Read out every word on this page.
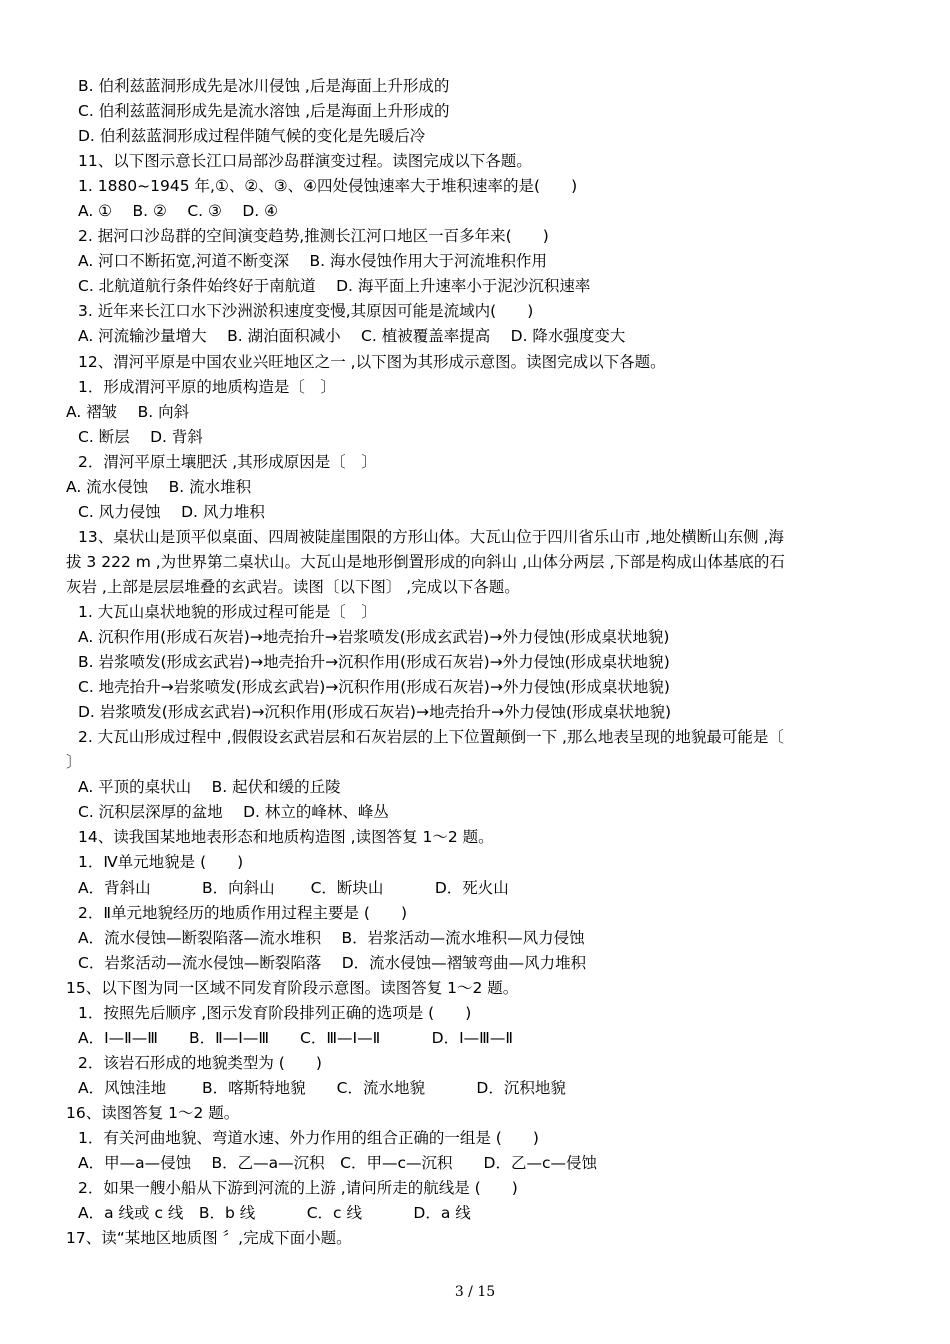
B. 伯利兹蓝洞形成先是冰川侵蚀 ,后是海面上升形成的
C. 伯利兹蓝洞形成先是流水溶蚀 ,后是海面上升形成的
D. 伯利兹蓝洞形成过程伴随气候的变化是先暖后冷
11、以下图示意长江口局部沙岛群演变过程。读图完成以下各题。
1. 1880~1945 年,①、②、③、④四处侵蚀速率大于堆积速率的是(　　)
A. ①　 B. ②　 C. ③　 D. ④
2. 据河口沙岛群的空间演变趋势,推测长江河口地区一百多年来(　　)
A. 河口不断拓宽,河道不断变深　 B. 海水侵蚀作用大于河流堆积作用
C. 北航道航行条件始终好于南航道　 D. 海平面上升速率小于泥沙沉积速率
3. 近年来长江口水下沙洲淤积速度变慢,其原因可能是流域内(　　)
A. 河流输沙量增大　 B. 湖泊面积减小　 C. 植被覆盖率提高　 D. 降水强度变大
12、渭河平原是中国农业兴旺地区之一 ,以下图为其形成示意图。读图完成以下各题。
1．形成渭河平原的地质构造是〔　〕
A. 褶皱　 B. 向斜
C. 断层　 D. 背斜
2．渭河平原土壤肥沃 ,其形成原因是〔　〕
A. 流水侵蚀　 B. 流水堆积
C. 风力侵蚀　 D. 风力堆积
13、桌状山是顶平似桌面、四周被陡崖围限的方形山体。大瓦山位于四川省乐山市 ,地处横断山东侧 ,海
拔 3 222 m ,为世界第二桌状山。大瓦山是地形倒置形成的向斜山 ,山体分两层 ,下部是构成山体基底的石
灰岩 ,上部是层层堆叠的玄武岩。读图〔以下图〕 ,完成以下各题。
1. 大瓦山桌状地貌的形成过程可能是〔　〕
A. 沉积作用(形成石灰岩)→地壳抬升→岩浆喷发(形成玄武岩)→外力侵蚀(形成桌状地貌)
B. 岩浆喷发(形成玄武岩)→地壳抬升→沉积作用(形成石灰岩)→外力侵蚀(形成桌状地貌)
C. 地壳抬升→岩浆喷发(形成玄武岩)→沉积作用(形成石灰岩)→外力侵蚀(形成桌状地貌)
D. 岩浆喷发(形成玄武岩)→沉积作用(形成石灰岩)→地壳抬升→外力侵蚀(形成桌状地貌)
2. 大瓦山形成过程中 ,假假设玄武岩层和石灰岩层的上下位置颠倒一下 ,那么地表呈现的地貌最可能是〔
〕
A. 平顶的桌状山　 B. 起伏和缓的丘陵
C. 沉积层深厚的盆地　 D. 林立的峰林、峰丛
14、读我国某地地表形态和地质构造图 ,读图答复 1～2 题。
1．Ⅳ单元地貌是 (　　)
A．背斜山　　　 B．向斜山　　 C．断块山　　　 D．死火山
2．Ⅱ单元地貌经历的地质作用过程主要是 (　　)
A．流水侵蚀—断裂陷落—流水堆积　 B．岩浆活动—流水堆积—风力侵蚀
C．岩浆活动—流水侵蚀—断裂陷落　 D．流水侵蚀—褶皱弯曲—风力堆积
15、以下图为同一区域不同发育阶段示意图。读图答复 1～2 题。
1．按照先后顺序 ,图示发育阶段排列正确的选项是 (　　)
A．Ⅰ—Ⅱ—Ⅲ　　B．Ⅱ—Ⅰ—Ⅲ　　C．Ⅲ—Ⅰ—Ⅱ　　　 D．Ⅰ—Ⅲ—Ⅱ
2．该岩石形成的地貌类型为 (　　)
A．风蚀洼地　　 B．喀斯特地貌　　C．流水地貌　　　 D．沉积地貌
16、读图答复 1～2 题。
1．有关河曲地貌、弯道水速、外力作用的组合正确的一组是 (　　)
A．甲—a—侵蚀　 B．乙—a—沉积　C．甲—c—沉积　　D．乙—c—侵蚀
2．如果一艘小船从下游到河流的上游 ,请问所走的航线是 (　　)
A．a 线或 c 线　B．b 线　　　 C．c 线　　　 D．a 线
17、读“某地区地质图 〞,完成下面小题。
3 / 15
